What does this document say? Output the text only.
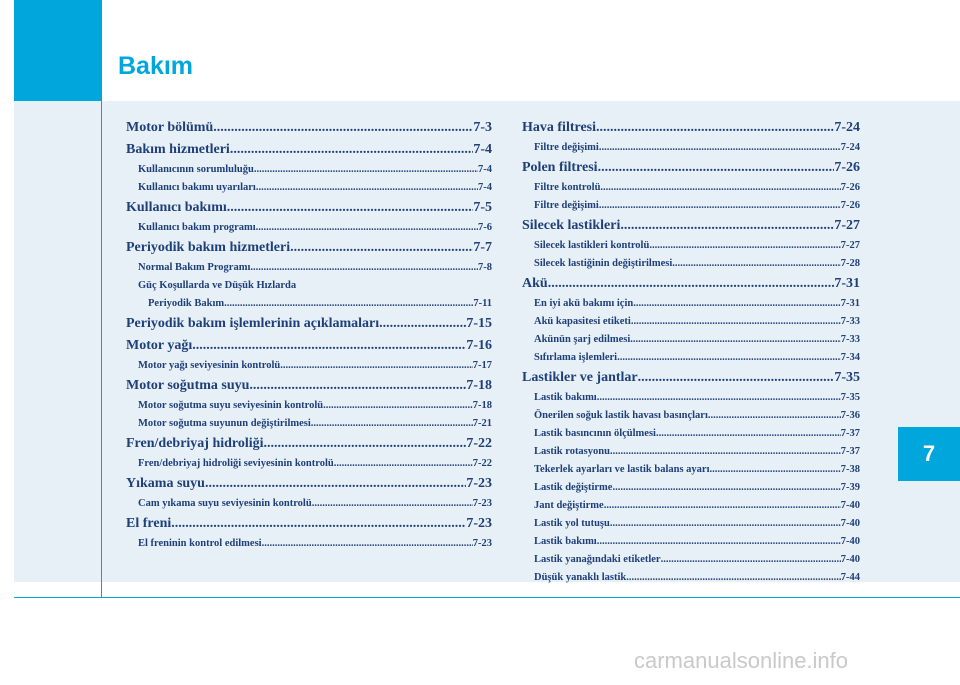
Bakım
7
Motor bölümü .....	7-3
Bakım hizmetleri .....	7-4
Kullanıcının sorumluluğu .....	7-4
Kullanıcı bakımı uyarıları .....	7-4
Kullanıcı bakımı .....	7-5
Kullanıcı bakım programı .....	7-6
Periyodik bakım hizmetleri .....	7-7
Normal Bakım Programı .....	7-8
Güç Koşullarda ve Düşük Hızlarda
Periyodik Bakım .....	7-11
Periyodik bakım işlemlerinin açıklamaları .....	7-15
Motor yağı .....	7-16
Motor yağı seviyesinin kontrolü .....	7-17
Motor soğutma suyu .....	7-18
Motor soğutma suyu seviyesinin kontrolü .....	7-18
Motor soğutma suyunun değiştirilmesi .....	7-21
Fren/debriyaj hidroliği .....	7-22
Fren/debriyaj hidroliği seviyesinin kontrolü .....	7-22
Yıkama suyu .....	7-23
Cam yıkama suyu seviyesinin kontrolü .....	7-23
El freni .....	7-23
El freninin kontrol edilmesi .....	7-23
Hava filtresi .....	7-24
Filtre değişimi .....	7-24
Polen filtresi .....	7-26
Filtre kontrolü .....	7-26
Filtre değişimi .....	7-26
Silecek lastikleri .....	7-27
Silecek lastikleri kontrolü .....	7-27
Silecek lastiğinin değiştirilmesi .....	7-28
Akü .....	7-31
En iyi akü bakımı için .....	7-31
Akü kapasitesi etiketi .....	7-33
Akünün şarj edilmesi .....	7-33
Sıfırlama işlemleri .....	7-34
Lastikler ve jantlar .....	7-35
Lastik bakımı .....	7-35
Önerilen soğuk lastik havası basınçları .....	7-36
Lastik basıncının ölçülmesi .....	7-37
Lastik rotasyonu .....	7-37
Tekerlek ayarları ve lastik balans ayarı .....	7-38
Lastik değiştirme .....	7-39
Jant değiştirme .....	7-40
Lastik yol tutuşu .....	7-40
Lastik bakımı .....	7-40
Lastik yanağındaki etiketler .....	7-40
Düşük yanaklı lastik .....	7-44
carmanualsonline.info
